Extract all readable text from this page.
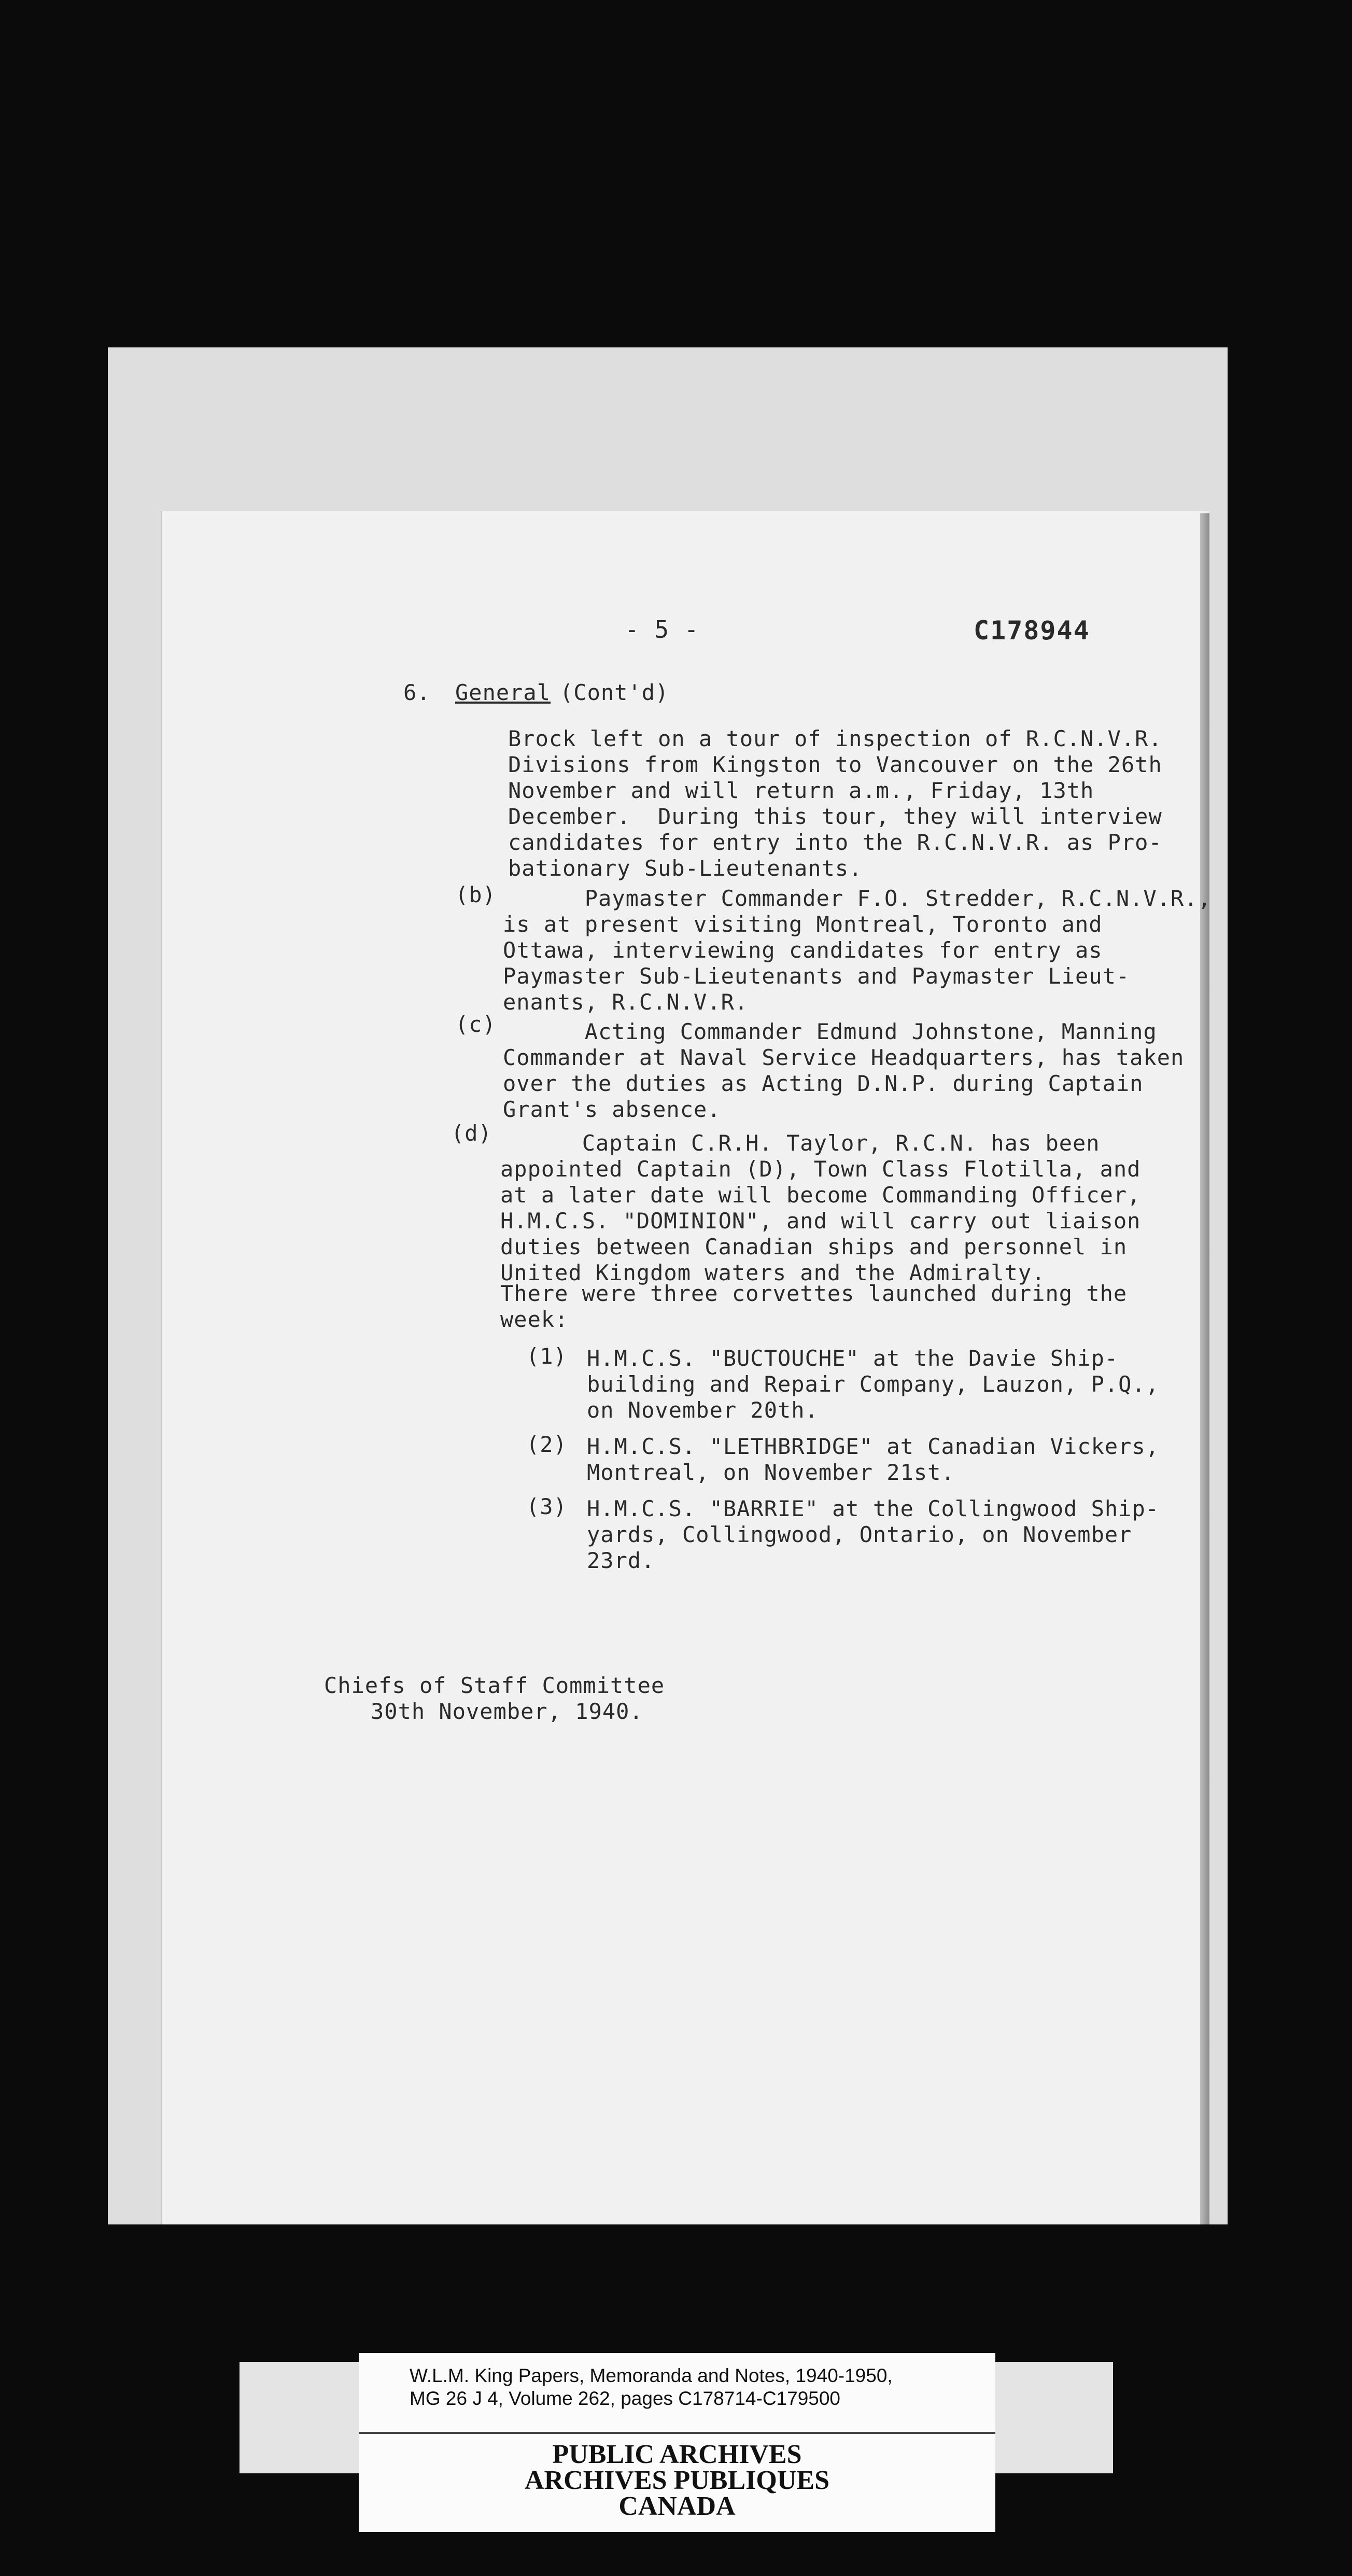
- 5 -	C178944
6. General (Cont'd)
Brock left on a tour of inspection of R.C.N.V.R.
Divisions from Kingston to Vancouver on the 26th
November and will return a.m., Friday, 13th
December.  During this tour, they will interview
candidates for entry into the R.C.N.V.R. as Pro-
bationary Sub-Lieutenants.
(b) Paymaster Commander F.O. Stredder, R.C.N.V.R.,
is at present visiting Montreal, Toronto and
Ottawa, interviewing candidates for entry as
Paymaster Sub-Lieutenants and Paymaster Lieut-
enants, R.C.N.V.R.
(c) Acting Commander Edmund Johnstone, Manning
Commander at Naval Service Headquarters, has taken
over the duties as Acting D.N.P. during Captain
Grant's absence.
(d) Captain C.R.H. Taylor, R.C.N. has been
appointed Captain (D), Town Class Flotilla, and
at a later date will become Commanding Officer,
H.M.C.S. "DOMINION", and will carry out liaison
duties between Canadian ships and personnel in
United Kingdom waters and the Admiralty.
There were three corvettes launched during the
week:
(1) H.M.C.S. "BUCTOUCHE" at the Davie Ship-
building and Repair Company, Lauzon, P.Q.,
on November 20th.
(2) H.M.C.S. "LETHBRIDGE" at Canadian Vickers,
Montreal, on November 21st.
(3) H.M.C.S. "BARRIE" at the Collingwood Ship-
yards, Collingwood, Ontario, on November
23rd.
Chiefs of Staff Committee
30th November, 1940.
W.L.M. King Papers, Memoranda and Notes, 1940-1950,
MG 26 J 4, Volume 262, pages C178714-C179500
PUBLIC ARCHIVES
ARCHIVES PUBLIQUES
CANADA
